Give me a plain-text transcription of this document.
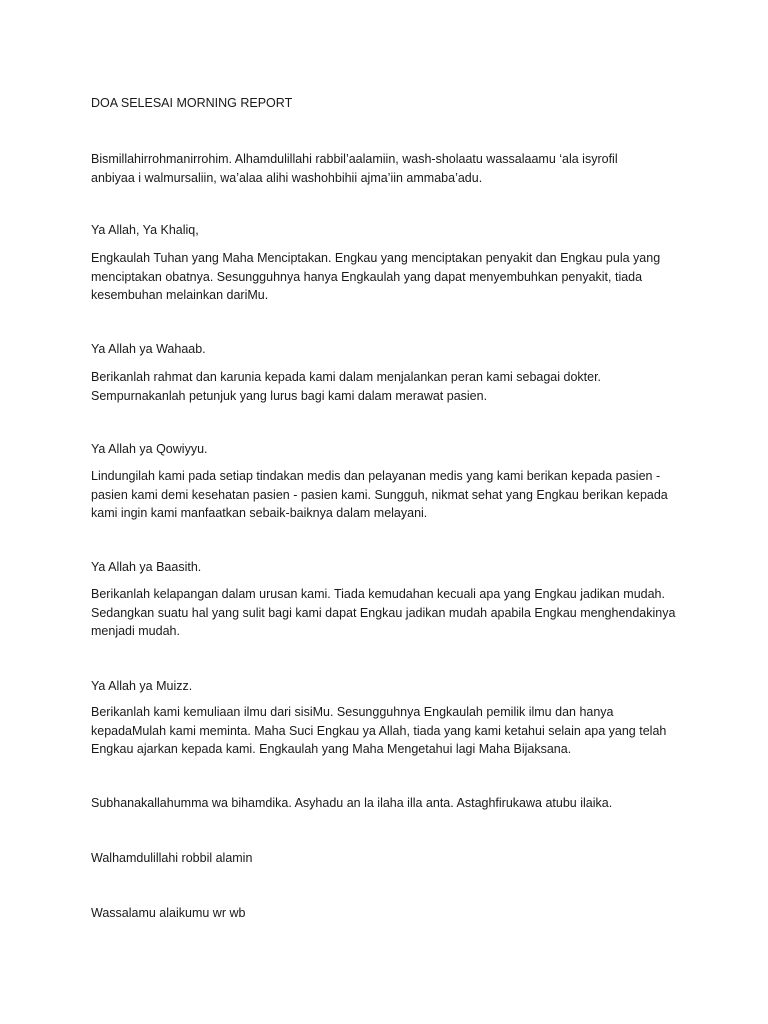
DOA SELESAI MORNING REPORT

Bismillahirrohmanirrohim. Alhamdulillahi rabbil’aalamiin, wash-sholaatu wassalaamu ‘ala isyrofil

anbiyaa i walmursaliin, wa’alaa alihi washohbihii ajma’iin ammaba’adu.

Ya Allah, Ya Khaliq,

Engkaulah Tuhan yang Maha Menciptakan. Engkau yang menciptakan penyakit dan Engkau pula yang

menciptakan obatnya. Sesungguhnya hanya Engkaulah yang dapat menyembuhkan penyakit, tiada

kesembuhan melainkan dariMu.

Ya Allah ya Wahaab.

Berikanlah rahmat dan karunia kepada kami dalam menjalankan peran kami sebagai dokter.

Sempurnakanlah petunjuk yang lurus bagi kami dalam merawat pasien.

Ya Allah ya Qowiyyu.

Lindungilah kami pada setiap tindakan medis dan pelayanan medis yang kami berikan kepada pasien -

pasien kami demi kesehatan pasien - pasien kami. Sungguh, nikmat sehat yang Engkau berikan kepada

kami ingin kami manfaatkan sebaik-baiknya dalam melayani.

Ya Allah ya Baasith.

Berikanlah kelapangan dalam urusan kami. Tiada kemudahan kecuali apa yang Engkau jadikan mudah.

Sedangkan suatu hal yang sulit bagi kami dapat Engkau jadikan mudah apabila Engkau menghendakinya

menjadi mudah.

Ya Allah ya Muizz.

Berikanlah kami kemuliaan ilmu dari sisiMu. Sesungguhnya Engkaulah pemilik ilmu dan hanya

kepadaMulah kami meminta. Maha Suci Engkau ya Allah, tiada yang kami ketahui selain apa yang telah

Engkau ajarkan kepada kami. Engkaulah yang Maha Mengetahui lagi Maha Bijaksana.

Subhanakallahumma wa bihamdika. Asyhadu an la ilaha illa anta. Astaghfirukawa atubu ilaika.

Walhamdulillahi robbil alamin

Wassalamu alaikumu wr wb
